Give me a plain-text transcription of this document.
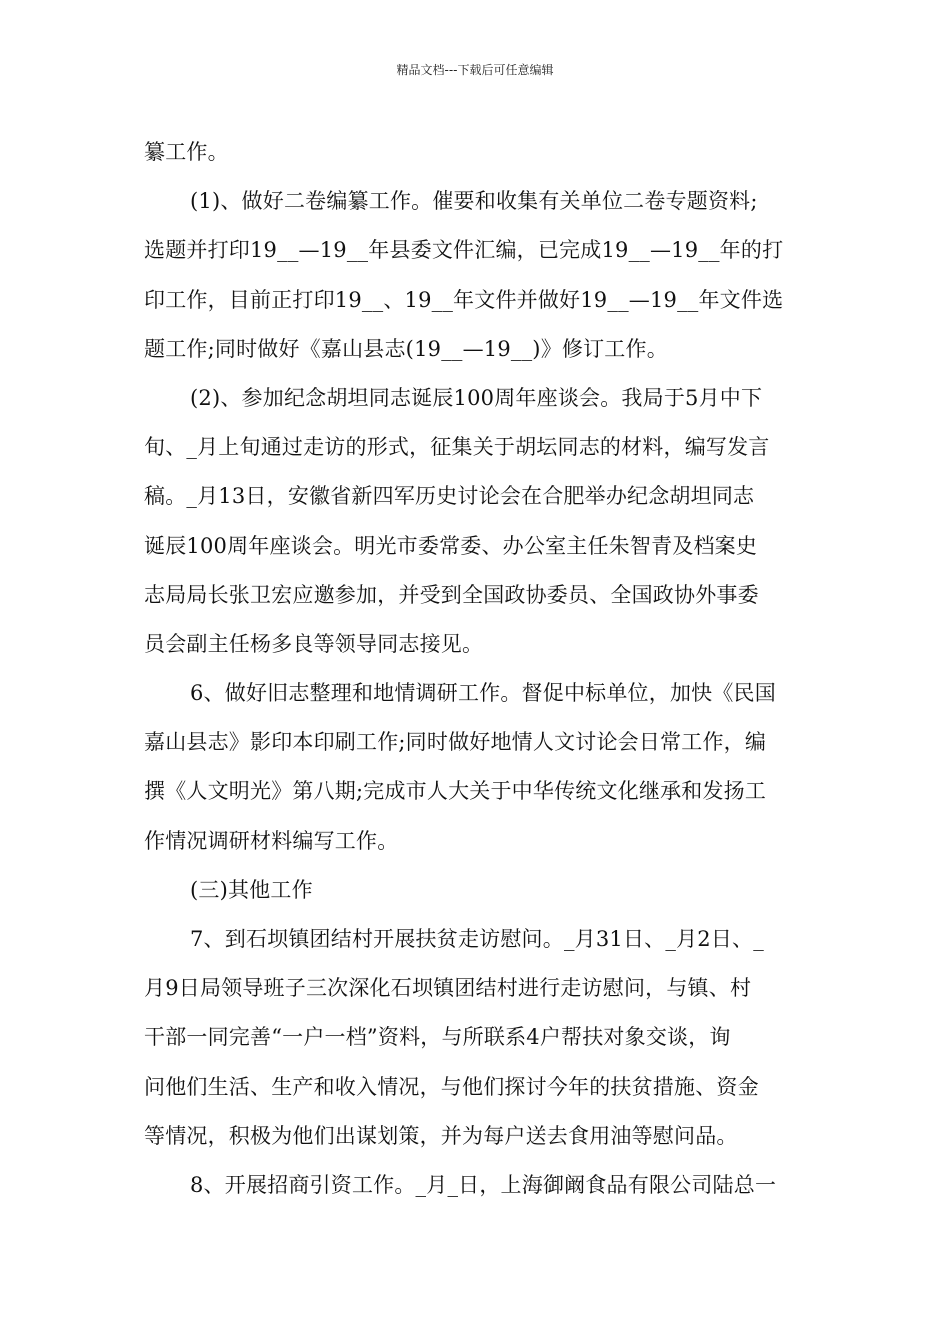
精品文档---下载后可任意编辑
纂工作。
(1)、做好二卷编纂工作。催要和收集有关单位二卷专题资料;
选题并打印19__—19__年县委文件汇编，已完成19__—19__年的打
印工作，目前正打印19__、19__年文件并做好19__—19__年文件选
题工作;同时做好《嘉山县志(19__—19__)》修订工作。
(2)、参加纪念胡坦同志诞辰100周年座谈会。我局于5月中下
旬、_月上旬通过走访的形式，征集关于胡坛同志的材料，编写发言
稿。_月13日，安徽省新四军历史讨论会在合肥举办纪念胡坦同志
诞辰100周年座谈会。明光市委常委、办公室主任朱智青及档案史
志局局长张卫宏应邀参加，并受到全国政协委员、全国政协外事委
员会副主任杨多良等领导同志接见。
6、做好旧志整理和地情调研工作。督促中标单位，加快《民国
嘉山县志》影印本印刷工作;同时做好地情人文讨论会日常工作，编
撰《人文明光》第八期;完成市人大关于中华传统文化继承和发扬工
作情况调研材料编写工作。
(三)其他工作
7、到石坝镇团结村开展扶贫走访慰问。_月31日、_月2日、_
月9日局领导班子三次深化石坝镇团结村进行走访慰问，与镇、村
干部一同完善“一户一档”资料，与所联系4户帮扶对象交谈，询
问他们生活、生产和收入情况，与他们探讨今年的扶贫措施、资金
等情况，积极为他们出谋划策，并为每户送去食用油等慰问品。
8、开展招商引资工作。_月_日，上海御阚食品有限公司陆总一
